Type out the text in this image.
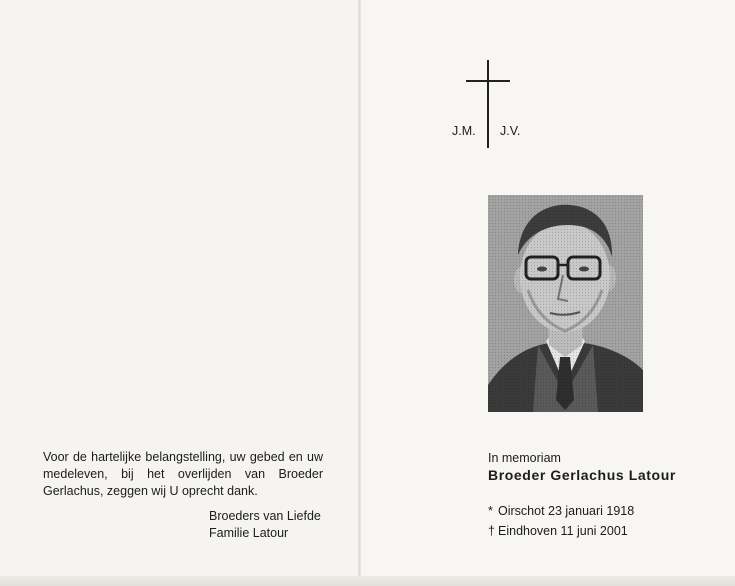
Voor de hartelijke belangstelling, uw gebed en uw medeleven, bij het overlijden van Broeder Gerlachus, zeggen wij U oprecht dank.
Broeders van Liefde
Familie Latour
J.M. J.V.
In memoriam
Broeder Gerlachus Latour
* Oirschot 23 januari 1918
† Eindhoven 11 juni 2001
